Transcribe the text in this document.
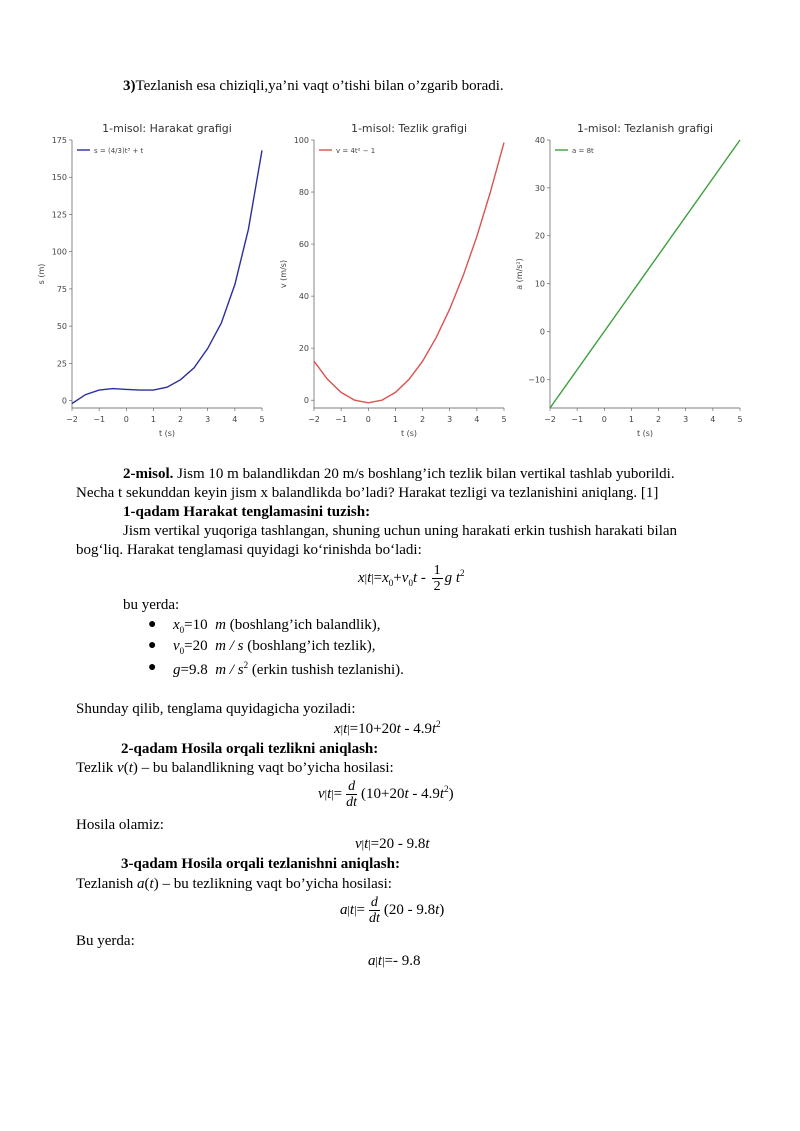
3)Tezlanish esa chiziqli,ya’ni vaqt o’tishi bilan o’zgarib boradi.
1-misol: Harakat grafigi
−2 −1 0	1	2	3	4	5
0
25
50
75
100
125
150
175
t (s)
s (m)
s = (4/3)t³ + t
1-misol: Tezlik grafigi
−2 −1 0	1	2	3	4	5
0
20
40
60
80
100
t (s)
v (m/s)
v = 4t² − 1
1-misol: Tezlanish grafigi
−2 −1 0	1	2	3	4	5
−10
0
10
20
30
40
t (s)
a (m/s²)
a = 8t
2-misol. Jism 10 m balandlikdan 20 m/s boshlang’ich tezlik bilan vertikal tashlab yuborildi.
Necha t sekunddan keyin jism x balandlikda bo’ladi? Harakat tezligi va tezlanishini aniqlang. [1]
1-qadam Harakat tenglamasini tuzish:
Jism vertikal yuqoriga tashlangan, shuning uchun uning harakati erkin tushish harakati bilan
bog‘liq. Harakat tenglamasi quyidagi ko‘rinishda bo‘ladi:
$x|t|=x_0+v_0t - \frac{1}{2}$ g $t^2$
bu yerda:
● $x_0=10$  m (boshlang’ich balandlik),
● $v_0=20$  m / s (boshlang’ich tezlik),
● g=9.8  m / $s^2$ (erkin tushish tezlanishi).
Shunday qilib, tenglama quyidagicha yoziladi:
$x|t|=10+20t - 4.9t^2$
2-qadam Hosila orqali tezlikni aniqlash:
Tezlik v(t) – bu balandlikning vaqt bo’yicha hosilasi:
$v|t|= \frac{d}{dt} (10+20t - 4.9t^2)$
Hosila olamiz:
v|t|=20 - 9.8t
3-qadam Hosila orqali tezlanishni aniqlash:
Tezlanish a(t) – bu tezlikning vaqt bo’yicha hosilasi:
$a|t|= \frac{d}{dt} (20 - 9.8t)$
Bu yerda:
a|t|=- 9.8
